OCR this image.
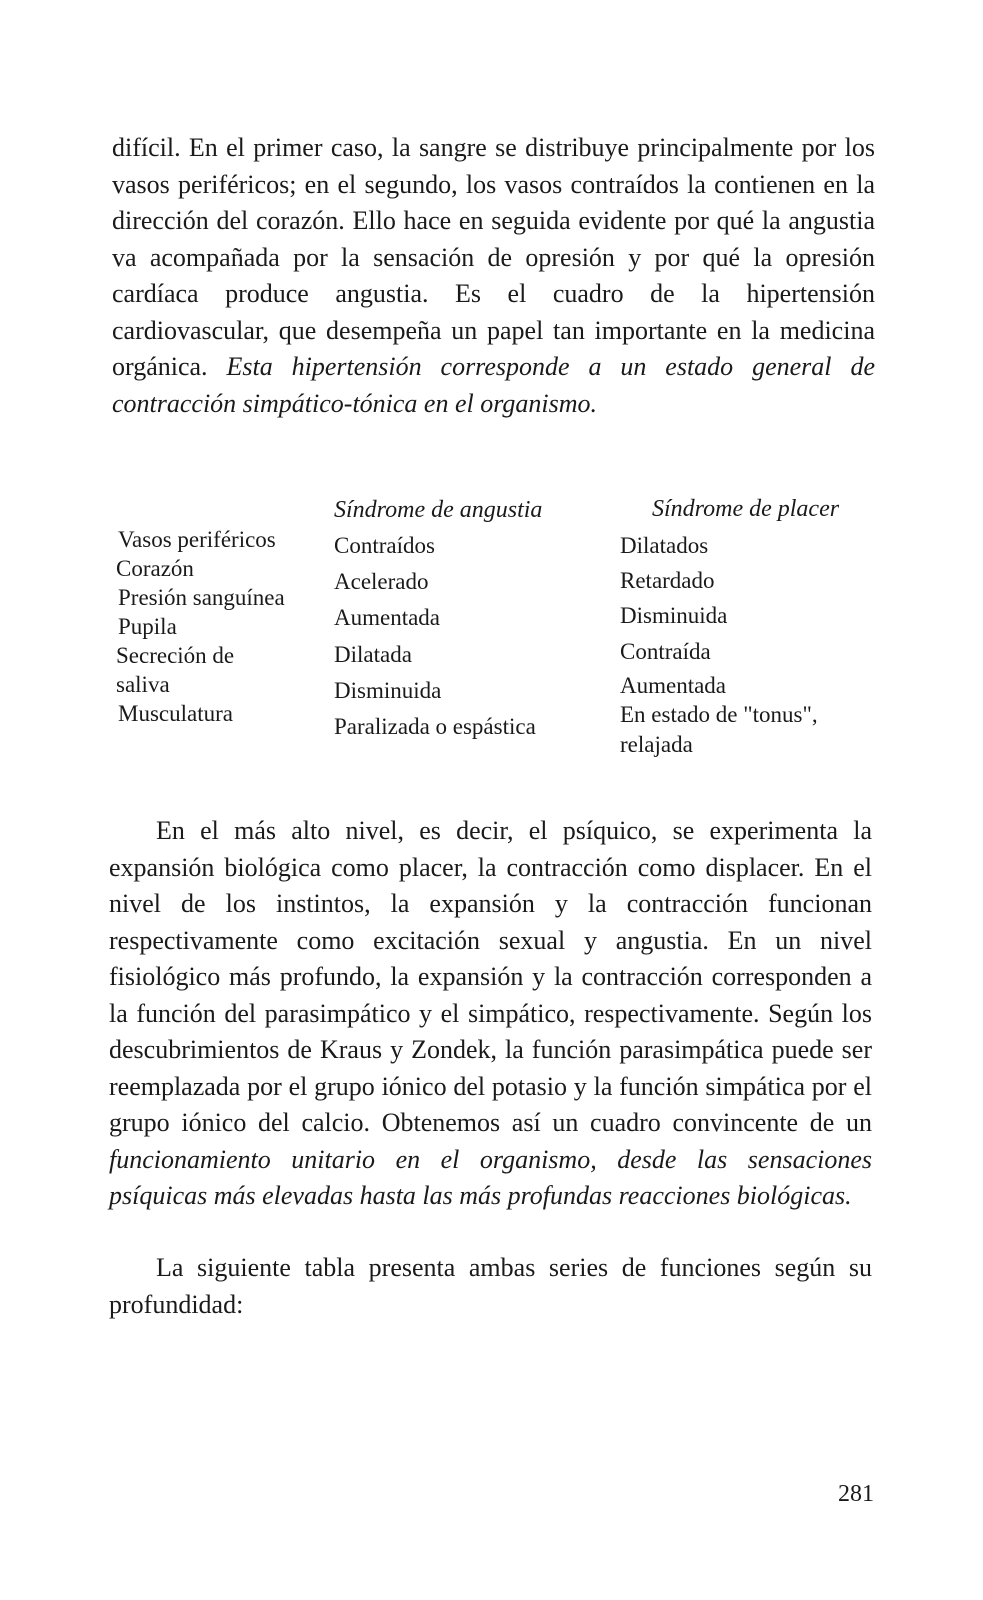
difícil. En el primer caso, la sangre se distribuye principalmente por los vasos periféricos; en el segundo, los vasos contraídos la contienen en la dirección del corazón. Ello hace en seguida evidente por qué la angustia va acompañada por la sensación de opresión y por qué la opresión cardíaca produce angustia. Es el cuadro de la hipertensión cardiovascular, que desempeña un papel tan importante en la medicina orgánica. Esta hipertensión corresponde a un estado general de contracción simpático-tónica en el organismo.

Síndrome de angustia	Síndrome de placer
Vasos periféricos
Corazón
Presión sanguínea
Pupila
Secreción de
saliva
Musculatura
Contraídos
Acelerado
Aumentada
Dilatada
Disminuida
Paralizada o espástica
Dilatados
Retardado
Disminuida
Contraída
Aumentada
En estado de "tonus",
relajada

En el más alto nivel, es decir, el psíquico, se experimenta la expansión biológica como placer, la contracción como displacer. En el nivel de los instintos, la expansión y la contracción funcionan respectivamente como excitación sexual y angustia. En un nivel fisiológico más profundo, la expansión y la contracción corresponden a la función del parasimpático y el simpático, respectivamente. Según los descubrimientos de Kraus y Zondek, la función parasimpática puede ser reemplazada por el grupo iónico del potasio y la función simpática por el grupo iónico del calcio. Obtenemos así un cuadro convincente de un funcionamiento unitario en el organismo, desde las sensaciones psíquicas más elevadas hasta las más profundas reacciones biológicas.

La siguiente tabla presenta ambas series de funciones según su profundidad:

281
